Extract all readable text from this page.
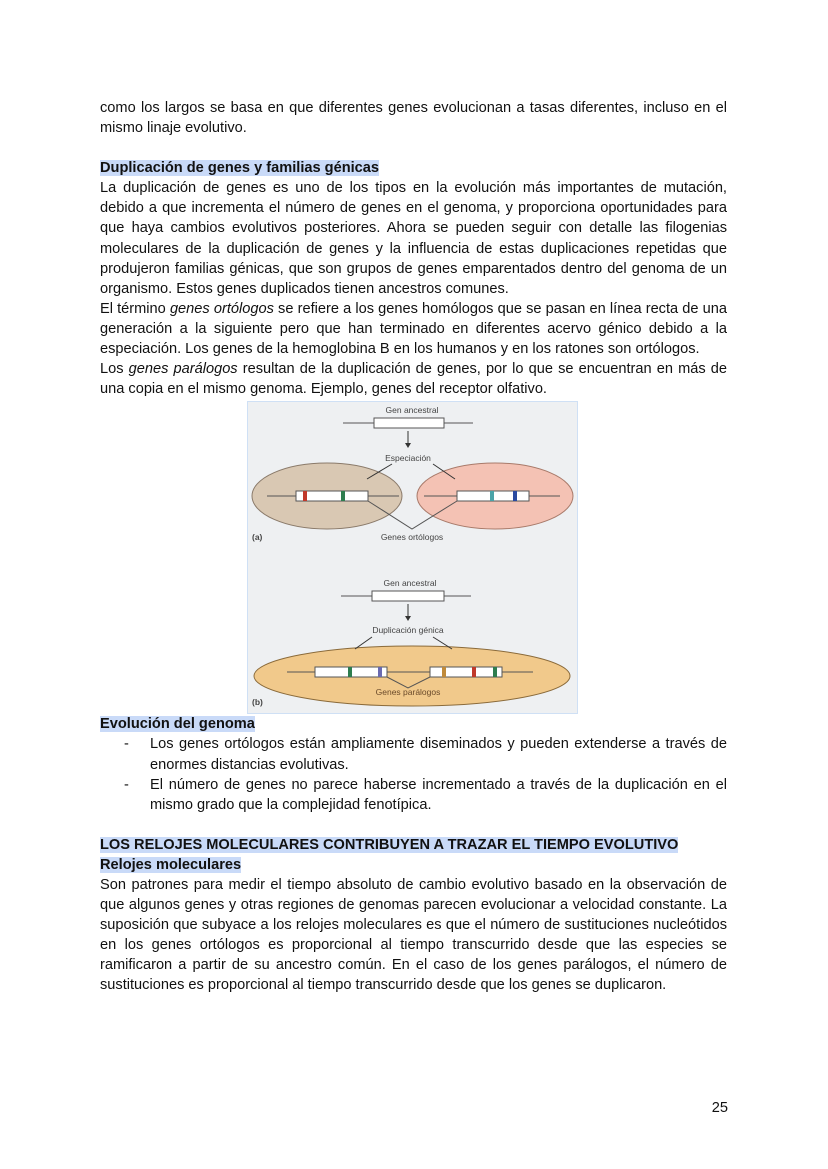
como los largos se basa en que diferentes genes evolucionan a tasas diferentes, incluso en el mismo linaje evolutivo.

Duplicación de genes y familias génicas

La duplicación de genes es uno de los tipos en la evolución más importantes de mutación, debido a que incrementa el número de genes en el genoma, y proporciona oportunidades para que haya cambios evolutivos posteriores. Ahora se pueden seguir con detalle las filogenias moleculares de la duplicación de genes y la influencia de estas duplicaciones repetidas que produjeron familias génicas, que son grupos de genes emparentados dentro del genoma de un organismo. Estos genes duplicados tienen ancestros comunes.

El término genes ortólogos se refiere a los genes homólogos que se pasan en línea recta de una generación a la siguiente pero que han terminado en diferentes acervo génico debido a la especiación. Los genes de la hemoglobina B en los humanos y en los ratones son ortólogos.

Los genes parálogos resultan de la duplicación de genes, por lo que se encuentran en más de una copia en el mismo genoma. Ejemplo, genes del receptor olfativo.

Gen ancestral
Especiación
(a)	Genes ortólogos
Gen ancestral
Duplicación génica
(b)
Genes parálogos
Evolución del genoma
- Los genes ortólogos están ampliamente diseminados y pueden extenderse a través de enormes distancias evolutivas.
- El número de genes no parece haberse incrementado a través de la duplicación en el mismo grado que la complejidad fenotípica.
LOS RELOJES MOLECULARES CONTRIBUYEN A TRAZAR EL TIEMPO EVOLUTIVO
Relojes moleculares

Son patrones para medir el tiempo absoluto de cambio evolutivo basado en la observación de que algunos genes y otras regiones de genomas parecen evolucionar a velocidad constante. La suposición que subyace a los relojes moleculares es que el número de sustituciones nucleótidos en los genes ortólogos es proporcional al tiempo transcurrido desde que las especies se ramificaron a partir de su ancestro común. En el caso de los genes parálogos, el número de sustituciones es proporcional al tiempo transcurrido desde que los genes se duplicaron.

25
